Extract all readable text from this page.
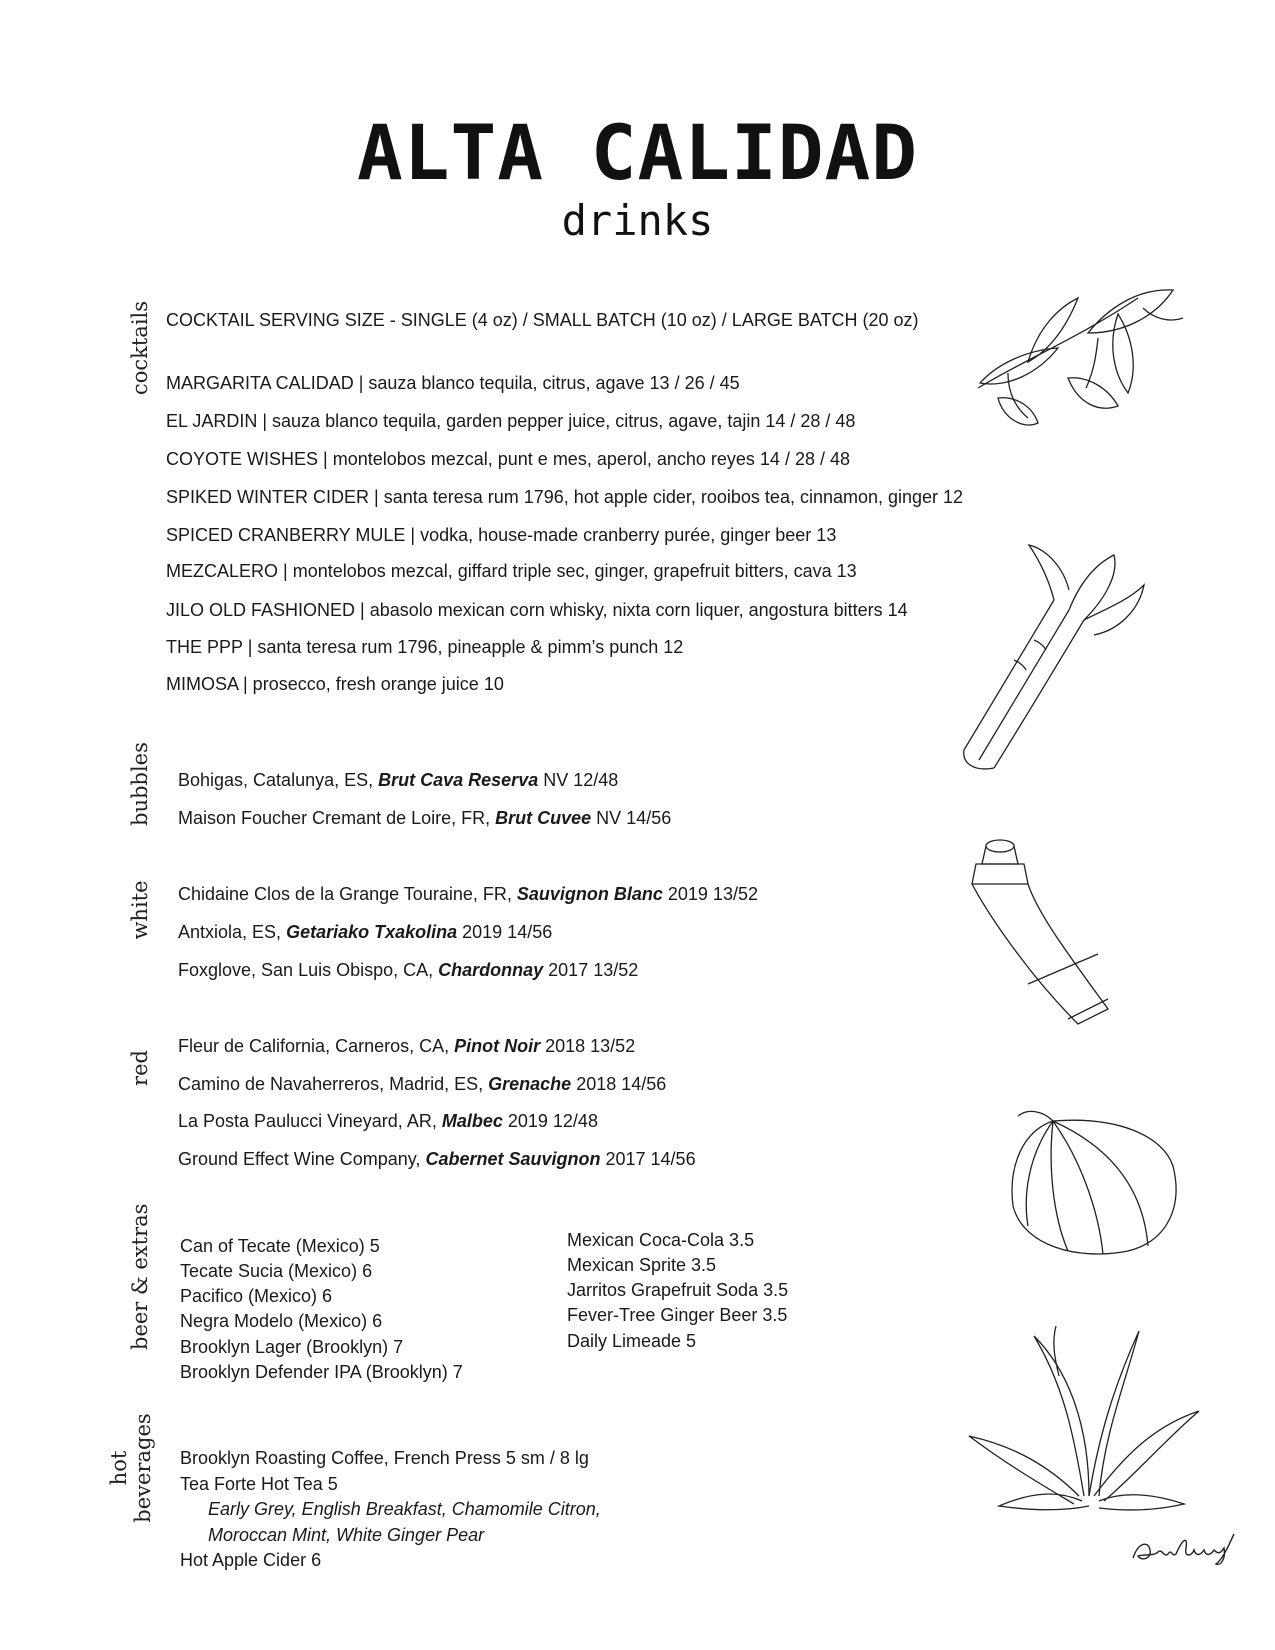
ALTA CALIDAD
drinks
cocktails
bubbles
white
red
beer & extras
hot
beverages
COCKTAIL SERVING SIZE - SINGLE (4 oz) / SMALL BATCH (10 oz) / LARGE BATCH (20 oz)
MARGARITA CALIDAD | sauza blanco tequila, citrus, agave 13 / 26 / 45
EL JARDIN | sauza blanco tequila, garden pepper juice, citrus, agave, tajin 14 / 28 / 48
COYOTE WISHES | montelobos mezcal, punt e mes, aperol, ancho reyes 14 / 28 / 48
SPIKED WINTER CIDER | santa teresa rum 1796, hot apple cider, rooibos tea, cinnamon, ginger 12
SPICED CRANBERRY MULE | vodka, house-made cranberry purée, ginger beer 13
MEZCALERO | montelobos mezcal, giffard triple sec, ginger, grapefruit bitters, cava 13
JILO OLD FASHIONED | abasolo mexican corn whisky, nixta corn liquer, angostura bitters 14
THE PPP | santa teresa rum 1796, pineapple & pimm’s punch 12
MIMOSA | prosecco, fresh orange juice 10
Bohigas, Catalunya, ES, Brut Cava Reserva NV 12/48
Maison Foucher Cremant de Loire, FR, Brut Cuvee NV 14/56
Chidaine Clos de la Grange Touraine, FR, Sauvignon Blanc 2019 13/52
Antxiola, ES, Getariako Txakolina 2019 14/56
Foxglove, San Luis Obispo, CA, Chardonnay 2017 13/52
Fleur de California, Carneros, CA, Pinot Noir 2018 13/52
Camino de Navaherreros, Madrid, ES, Grenache 2018 14/56
La Posta Paulucci Vineyard, AR, Malbec 2019 12/48
Ground Effect Wine Company, Cabernet Sauvignon 2017 14/56
Can of Tecate (Mexico) 5
Tecate Sucia (Mexico) 6
Pacifico (Mexico) 6
Negra Modelo (Mexico) 6
Brooklyn Lager (Brooklyn) 7
Brooklyn Defender IPA (Brooklyn) 7
Mexican Coca-Cola 3.5
Mexican Sprite 3.5
Jarritos Grapefruit Soda 3.5
Fever-Tree Ginger Beer 3.5
Daily Limeade 5
Brooklyn Roasting Coffee, French Press 5 sm / 8 lg
Tea Forte Hot Tea 5
Early Grey, English Breakfast, Chamomile Citron,
Moroccan Mint, White Ginger Pear
Hot Apple Cider 6
